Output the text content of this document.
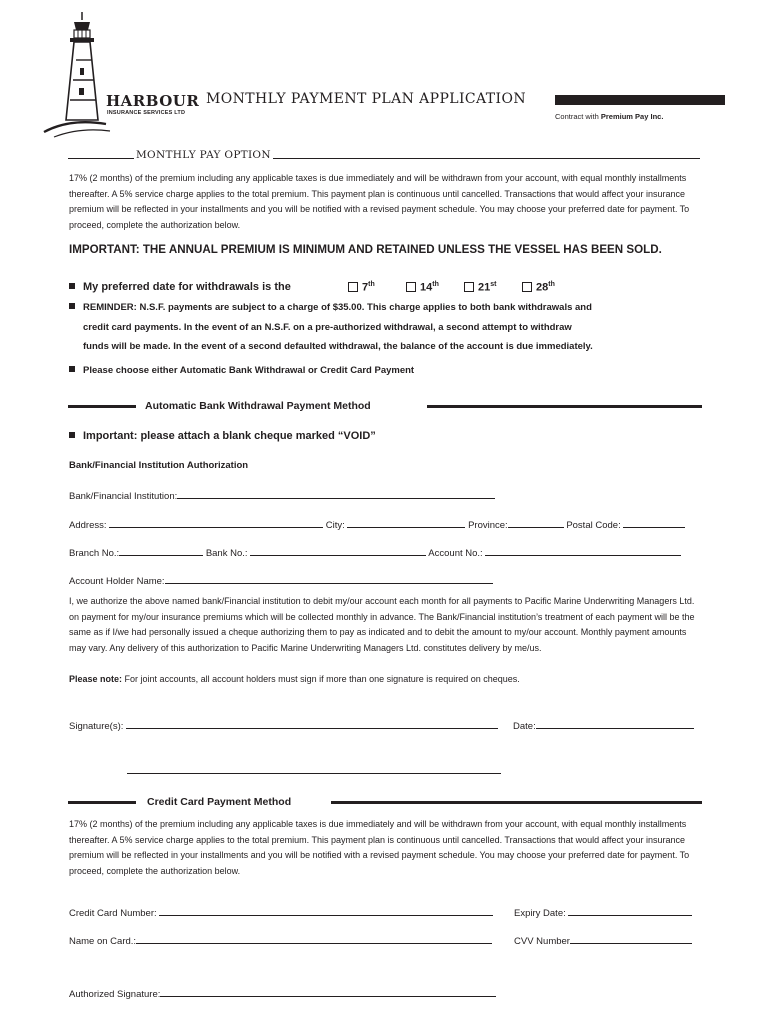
HARBOUR
INSURANCE SERVICES LTD
MONTHLY PAYMENT PLAN APPLICATION
Contract with Premium Pay Inc.
MONTHLY PAY OPTION

17% (2 months) of the premium including any applicable taxes is due immediately and will be withdrawn from your account, with equal monthly installments thereafter. A 5% service charge applies to the total premium. This payment plan is continuous until cancelled. Transactions that would affect your insurance premium will be reflected in your installments and you will be notified with a revised payment schedule. You may choose your preferred date for payment. To proceed, complete the authorization below.

IMPORTANT: THE ANNUAL PREMIUM IS MINIMUM AND RETAINED UNLESS THE VESSEL HAS BEEN SOLD.
My preferred date for withdrawals is the	7th	14th	21st	28th
REMINDER: N.S.F. payments are subject to a charge of $35.00. This charge applies to both bank withdrawals and
credit card payments. In the event of an N.S.F. on a pre-authorized withdrawal, a second attempt to withdraw
funds will be made. In the event of a second defaulted withdrawal, the balance of the account is due immediately.
Please choose either Automatic Bank Withdrawal or Credit Card Payment
Automatic Bank Withdrawal Payment Method
Important: please attach a blank cheque marked “VOID”
Bank/Financial Institution Authorization
Bank/Financial Institution:
Address:	City:	Province:	Postal Code:
Branch No.:	Bank No.:	Account No.:
Account Holder Name:

I, we authorize the above named bank/Financial institution to debit my/our account each month for all payments to Pacific Marine Underwriting Managers Ltd. on payment for my/our insurance premiums which will be collected monthly in advance. The Bank/Financial institution’s treatment of each payment will be the same as if I/we had personally issued a cheque authorizing them to pay as indicated and to debit the amount to my/our account. Monthly payment amounts may vary. Any delivery of this authorization to Pacific Marine Underwriting Managers Ltd. constitutes delivery by me/us.

Please note: For joint accounts, all account holders must sign if more than one signature is required on cheques.
Signature(s):	Date:
Credit Card Payment Method

17% (2 months) of the premium including any applicable taxes is due immediately and will be withdrawn from your account, with equal monthly installments thereafter. A 5% service charge applies to the total premium. This payment plan is continuous until cancelled. Transactions that would affect your insurance premium will be reflected in your installments and you will be notified with a revised payment schedule. You may choose your preferred date for payment. To proceed, complete the authorization below.

Credit Card Number:	Expiry Date:
Name on Card.:	CVV Number
Authorized Signature:
